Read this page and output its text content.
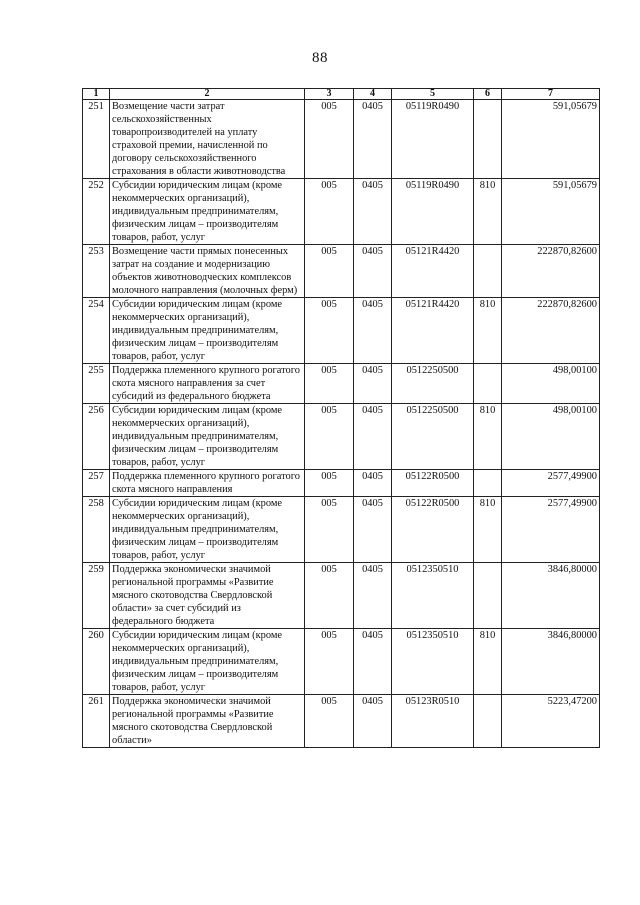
88
1	2	3	4	5	6	7
251	Возмещение части затрат сельскохозяйственных товаропроизводителей на уплату страховой премии, начисленной по договору сельскохозяйственного страхования в области животноводства	005	0405	05119R0490		591,05679
252	Субсидии юридическим лицам (кроме некоммерческих организаций), индивидуальным предпринимателям, физическим лицам – производителям товаров, работ, услуг	005	0405	05119R0490	810	591,05679
253	Возмещение части прямых понесенных затрат на создание и модернизацию объектов животноводческих комплексов молочного направления (молочных ферм)	005	0405	05121R4420		222870,82600
254	Субсидии юридическим лицам (кроме некоммерческих организаций), индивидуальным предпринимателям, физическим лицам – производителям товаров, работ, услуг	005	0405	05121R4420	810	222870,82600
255	Поддержка племенного крупного рогатого скота мясного направления за счет субсидий из федерального бюджета	005	0405	0512250500		498,00100
256	Субсидии юридическим лицам (кроме некоммерческих организаций), индивидуальным предпринимателям, физическим лицам – производителям товаров, работ, услуг	005	0405	0512250500	810	498,00100
257	Поддержка племенного крупного рогатого скота мясного направления	005	0405	05122R0500		2577,49900
258	Субсидии юридическим лицам (кроме некоммерческих организаций), индивидуальным предпринимателям, физическим лицам – производителям товаров, работ, услуг	005	0405	05122R0500	810	2577,49900
259	Поддержка экономически значимой региональной программы «Развитие мясного скотоводства Свердловской области» за счет субсидий из федерального бюджета	005	0405	0512350510		3846,80000
260	Субсидии юридическим лицам (кроме некоммерческих организаций), индивидуальным предпринимателям, физическим лицам – производителям товаров, работ, услуг	005	0405	0512350510	810	3846,80000
261	Поддержка экономически значимой региональной программы «Развитие мясного скотоводства Свердловской области»	005	0405	05123R0510		5223,47200
